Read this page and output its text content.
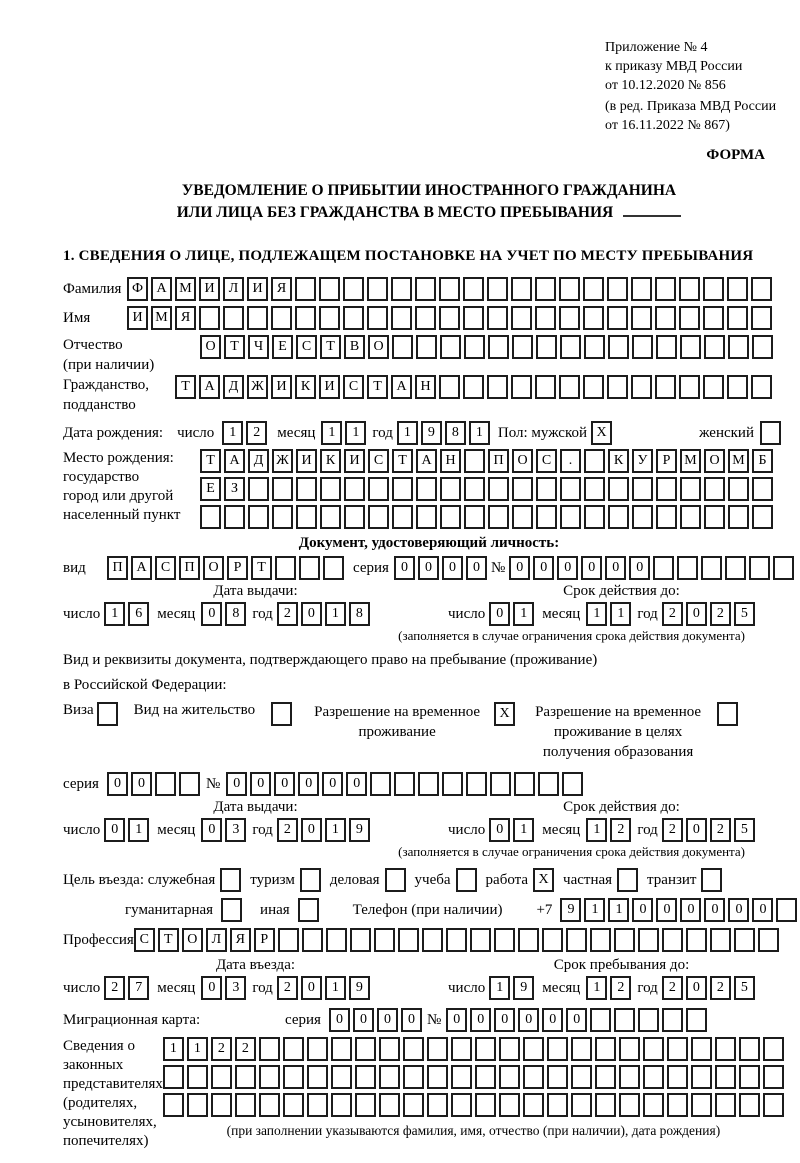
Приложение № 4
к приказу МВД России
от 10.12.2020 № 856
(в ред. Приказа МВД России
от 16.11.2022 № 867)
ФОРМА
УВЕДОМЛЕНИЕ О ПРИБЫТИИ ИНОСТРАННОГО ГРАЖДАНИНА
ИЛИ ЛИЦА БЕЗ ГРАЖДАНСТВА В МЕСТО ПРЕБЫВАНИЯ
1. СВЕДЕНИЯ О ЛИЦЕ, ПОДЛЕЖАЩЕМ ПОСТАНОВКЕ НА УЧЕТ ПО МЕСТУ ПРЕБЫВАНИЯ
Фамилия Ф А М И	Л	И	Я
Имя	И М Я
Отчество
(при наличии)
О	Т	Ч	Е	С	Т	В	О
Гражданство,
подданство
Т	А	Д Ж И	К	И	С	Т	А Н
Дата рождения: число	1	2	месяц 1	1 год 1	9	8	1	Пол: мужской X	женский
Место рождения:
государство
город или другой
населенный пункт
Т	А	Д Ж И	К	И	С	Т	А Н	П О	С	.	К	У	Р М О М Б
Е	З
Документ, удостоверяющий личность:
вид	П А	С	П О	Р	Т	серия 0	0	0	0 № 0	0	0	0	0	0
Дата выдачи:	Срок действия до:
число 1	6	месяц 0	8 год 2	0	1	8	число 0	1	месяц 1	1 год 2	0	2	5
(заполняется в случае ограничения срока действия документа)
Вид и реквизиты документа, подтверждающего право на пребывание (проживание)
в Российской Федерации:
Виза	Вид на жительство	Разрешение на временное
проживание
X	Разрешение на временное
проживание в целях
получения образования
серия	0	0	№ 0	0	0	0	0	0
Дата выдачи:	Срок действия до:
число 0	1	месяц 0	3 год 2	0	1	9	число 0	1	месяц 1	2 год 2	0	2	5
(заполняется в случае ограничения срока действия документа)
Цель въезда: служебная туризм деловая учеба работа X частная транзит
гуманитарная	иная	Телефон (при наличии) +7	9	1	1	0	0	0	0	0	0
Профессия С	Т	О	Л	Я	Р
Дата въезда:	Срок пребывания до:
число 2	7	месяц 0	3 год 2	0	1	9	число 1	9	месяц 1	2 год 2	0	2	5
Миграционная карта:	серия	0	0	0	0 № 0	0	0	0	0	0
Сведения о
законных
представителях
(родителях,
усыновителях,
попечителях)
1	1	2	2
(при заполнении указываются фамилия, имя, отчество (при наличии), дата рождения)
